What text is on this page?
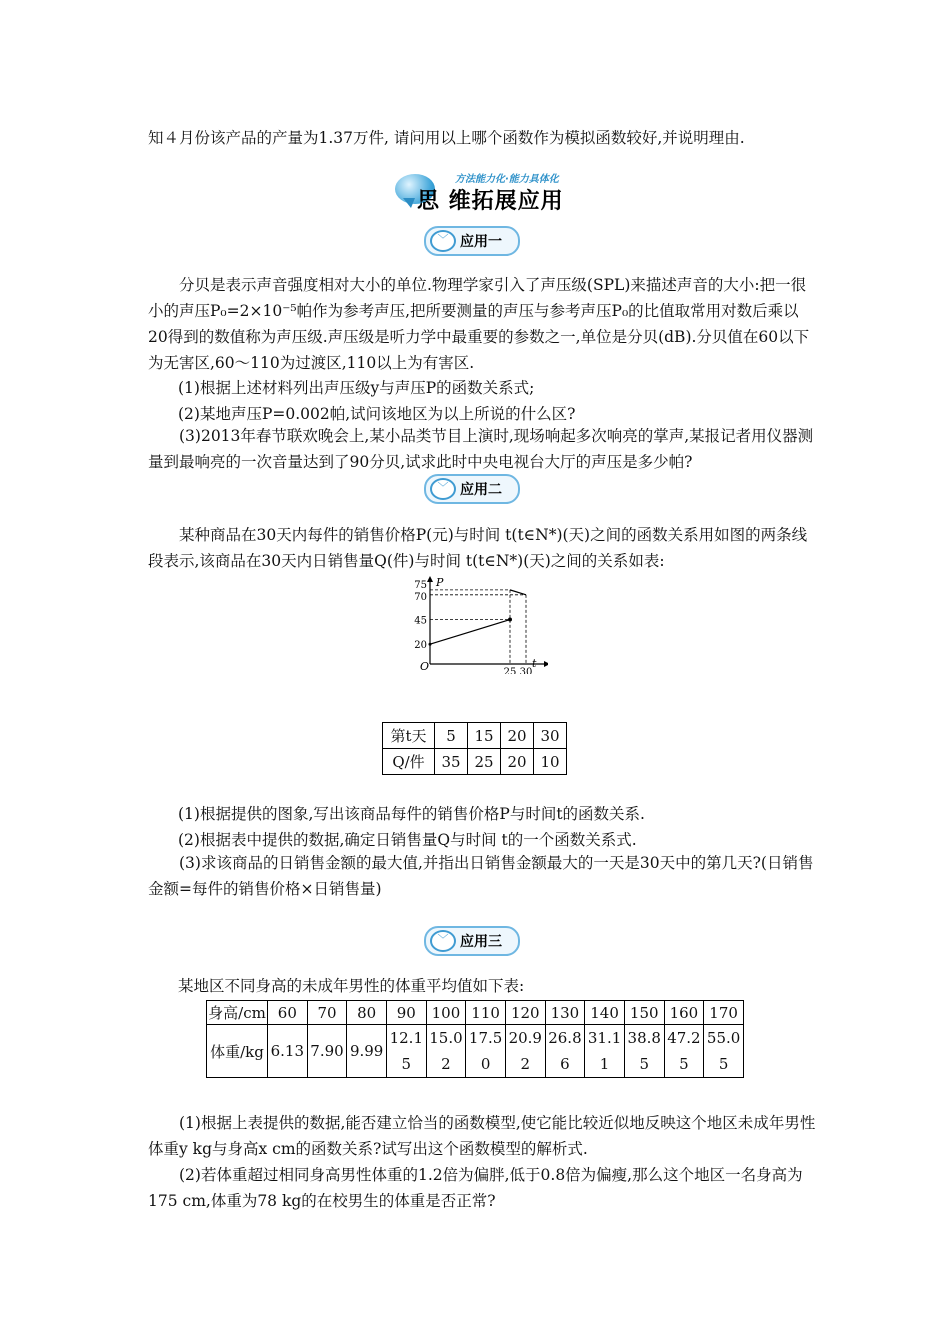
知４月份该产品的产量为1.37万件, 请问用以上哪个函数作为模拟函数较好,并说明理由.

方法能力化·能力具体化
思 维拓展应用
﹀ 应用一

分贝是表示声音强度相对大小的单位.物理学家引入了声压级(SPL)来描述声音的大小:把一很小的声压P₀=2×10⁻⁵帕作为参考声压,把所要测量的声压与参考声压P₀的比值取常用对数后乘以20得到的数值称为声压级.声压级是听力学中最重要的参数之一,单位是分贝(dB).分贝值在60以下为无害区,60～110为过渡区,110以上为有害区.

(1)根据上述材料列出声压级y与声压P的函数关系式;

(2)某地声压P=0.002帕,试问该地区为以上所说的什么区?

(3)2013年春节联欢晚会上,某小品类节目上演时,现场响起多次响亮的掌声,某报记者用仪器测量到最响亮的一次音量达到了90分贝,试求此时中央电视台大厅的声压是多少帕?

﹀ 应用二

某种商品在30天内每件的销售价格P(元)与时间 t(t∈N*)(天)之间的函数关系用如图的两条线段表示,该商品在30天内日销售量Q(件)与时间 t(t∈N*)(天)之间的关系如表:

P
t
O
75
70
45
20
25 30
第t天	5	15	20	30
Q/件	35	25	20	10

(1)根据提供的图象,写出该商品每件的销售价格P与时间t的函数关系.

(2)根据表中提供的数据,确定日销售量Q与时间 t的一个函数关系式.

(3)求该商品的日销售金额的最大值,并指出日销售金额最大的一天是30天中的第几天?(日销售金额=每件的销售价格×日销售量)

﹀ 应用三

某地区不同身高的未成年男性的体重平均值如下表:

身高/cm	60	70	80	90	100	110	120	130	140	150	160	170
体重/kg	6.13	7.90	9.99	12.15	15.02	17.50	20.92	26.86	31.11	38.85	47.25	55.05

(1)根据上表提供的数据,能否建立恰当的函数模型,使它能比较近似地反映这个地区未成年男性体重y kg与身高x cm的函数关系?试写出这个函数模型的解析式.

(2)若体重超过相同身高男性体重的1.2倍为偏胖,低于0.8倍为偏瘦,那么这个地区一名身高为175 cm,体重为78 kg的在校男生的体重是否正常?
